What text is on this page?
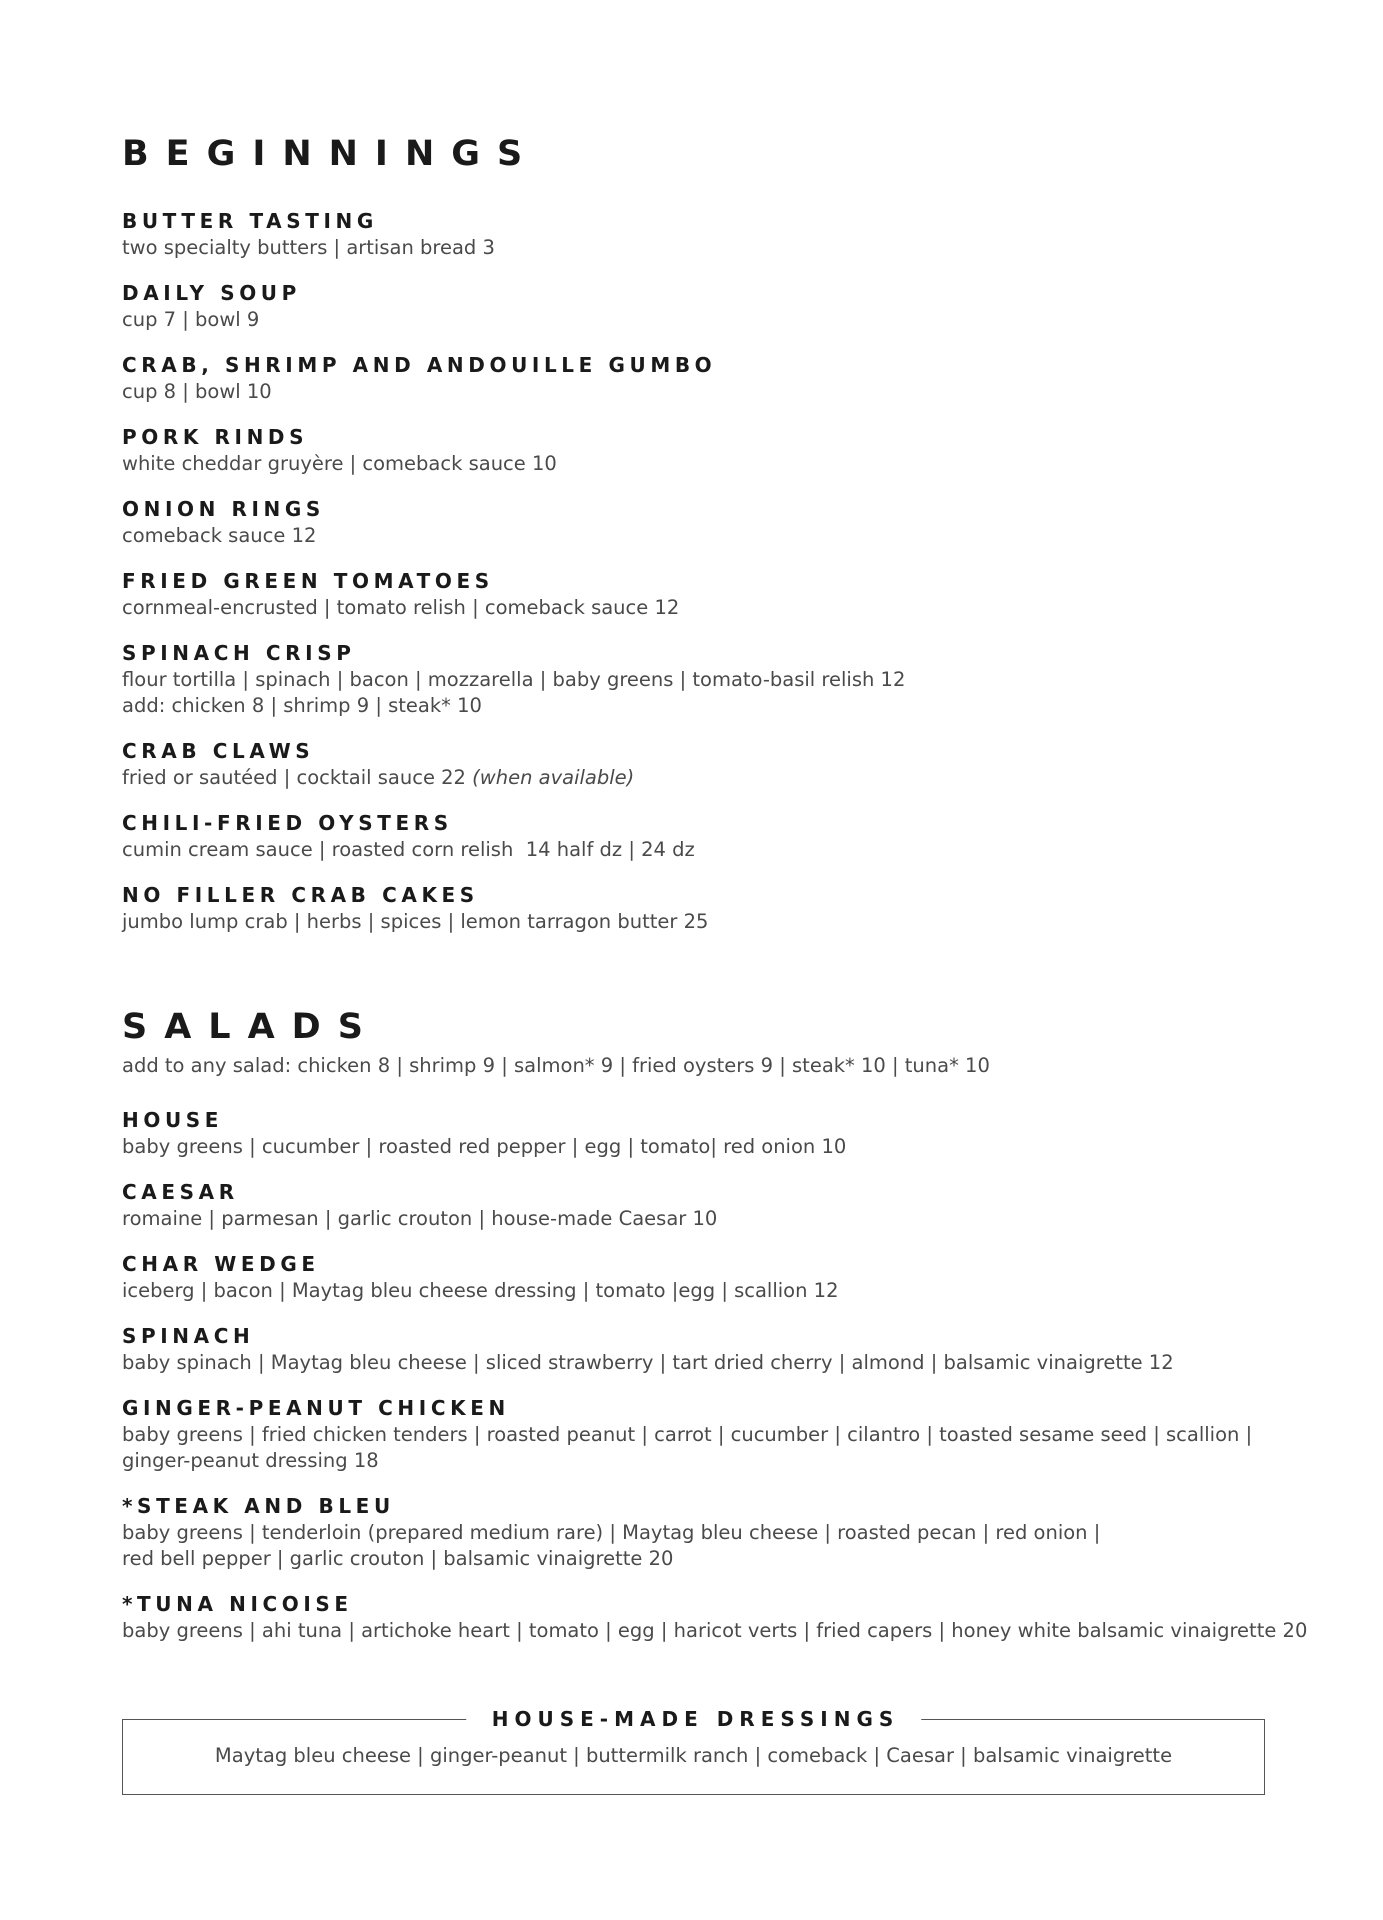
BEGINNINGS
BUTTER TASTING
two specialty butters | artisan bread 3
DAILY SOUP
cup 7 | bowl 9
CRAB, SHRIMP AND ANDOUILLE GUMBO
cup 8 | bowl 10
PORK RINDS
white cheddar gruyère | comeback sauce 10
ONION RINGS
comeback sauce 12
FRIED GREEN TOMATOES
cornmeal-encrusted | tomato relish | comeback sauce 12
SPINACH CRISP
flour tortilla | spinach | bacon | mozzarella | baby greens | tomato-basil relish 12
add: chicken 8 | shrimp 9 | steak* 10
CRAB CLAWS
fried or sautéed | cocktail sauce 22 (when available)
CHILI-FRIED OYSTERS
cumin cream sauce | roasted corn relish  14 half dz | 24 dz
NO FILLER CRAB CAKES
jumbo lump crab | herbs | spices | lemon tarragon butter 25
SALADS
add to any salad: chicken 8 | shrimp 9 | salmon* 9 | fried oysters 9 | steak* 10 | tuna* 10
HOUSE
baby greens | cucumber | roasted red pepper | egg | tomato| red onion 10
CAESAR
romaine | parmesan | garlic crouton | house-made Caesar 10
CHAR WEDGE
iceberg | bacon | Maytag bleu cheese dressing | tomato |egg | scallion 12
SPINACH
baby spinach | Maytag bleu cheese | sliced strawberry | tart dried cherry | almond | balsamic vinaigrette 12
GINGER-PEANUT CHICKEN
baby greens | fried chicken tenders | roasted peanut | carrot | cucumber | cilantro | toasted sesame seed | scallion |
ginger-peanut dressing 18
*STEAK AND BLEU
baby greens | tenderloin (prepared medium rare) | Maytag bleu cheese | roasted pecan | red onion |
red bell pepper | garlic crouton | balsamic vinaigrette 20
*TUNA NICOISE
baby greens | ahi tuna | artichoke heart | tomato | egg | haricot verts | fried capers | honey white balsamic vinaigrette 20
HOUSE-MADE DRESSINGS
Maytag bleu cheese | ginger-peanut | buttermilk ranch | comeback | Caesar | balsamic vinaigrette
